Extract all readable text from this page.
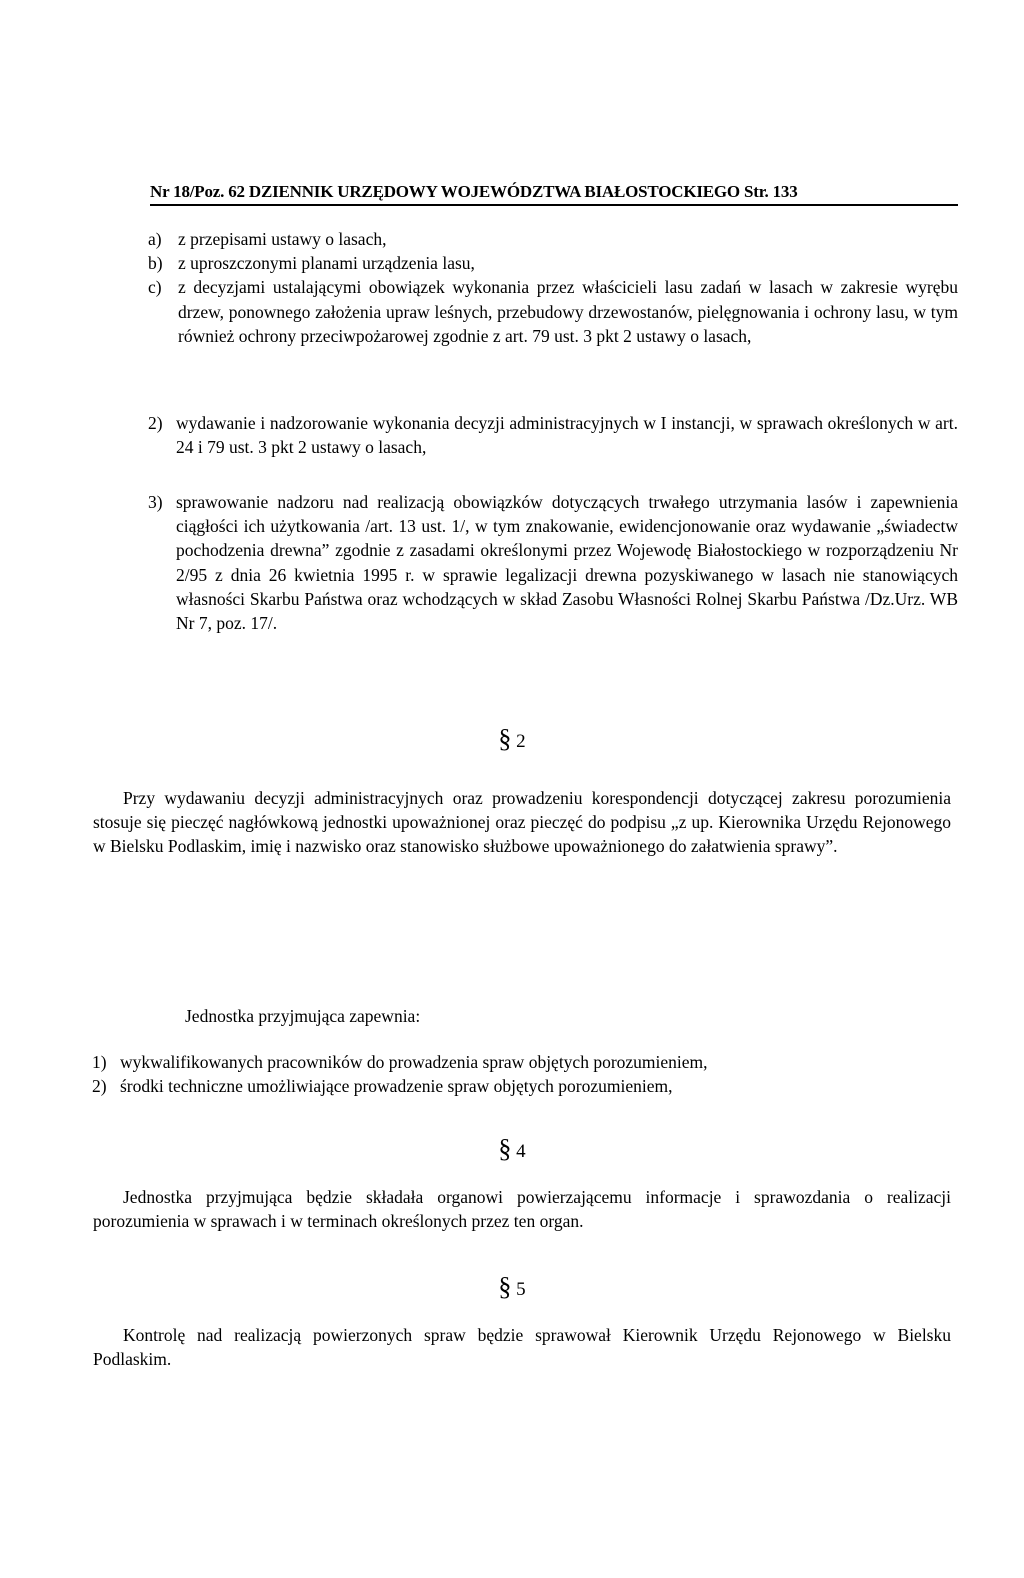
Nr 18/Poz. 62 DZIENNIK URZĘDOWY WOJEWÓDZTWA BIAŁOSTOCKIEGO Str. 133
a) z przepisami ustawy o lasach,
b) z uproszczonymi planami urządzenia lasu,
c) z decyzjami ustalającymi obowiązek wykonania przez właścicieli lasu zadań w lasach w zakresie wyrębu drzew, ponownego założenia upraw leśnych, przebudowy drzewostanów, pielęgnowania i ochrony lasu, w tym również ochrony przeciwpożarowej zgodnie z art. 79 ust. 3 pkt 2 ustawy o lasach,
2) wydawanie i nadzorowanie wykonania decyzji administracyjnych w I instancji, w sprawach określonych w art. 24 i 79 ust. 3 pkt 2 ustawy o lasach,
3) sprawowanie nadzoru nad realizacją obowiązków dotyczących trwałego utrzymania lasów i zapewnienia ciągłości ich użytkowania /art. 13 ust. 1/, w tym znakowanie, ewidencjonowanie oraz wydawanie „świadectw pochodzenia drewna” zgodnie z zasadami określonymi przez Wojewodę Białostockiego w rozporządzeniu Nr 2/95 z dnia 26 kwietnia 1995 r. w sprawie legalizacji drewna pozyskiwanego w lasach nie stanowiących własności Skarbu Państwa oraz wchodzących w skład Zasobu Własności Rolnej Skarbu Państwa /Dz.Urz. WB Nr 7, poz. 17/.
§ 2
Przy wydawaniu decyzji administracyjnych oraz prowadzeniu korespondencji dotyczącej zakresu porozumienia stosuje się pieczęć nagłówkową jednostki upoważnionej oraz pieczęć do podpisu „z up. Kierownika Urzędu Rejonowego w Bielsku Podlaskim, imię i nazwisko oraz stanowisko służbowe upoważnionego do załatwienia sprawy”.
Jednostka przyjmująca zapewnia:
1) wykwalifikowanych pracowników do prowadzenia spraw objętych porozumieniem,
2) środki techniczne umożliwiające prowadzenie spraw objętych porozumieniem,
§ 4
Jednostka przyjmująca będzie składała organowi powierzającemu informacje i sprawozdania o realizacji porozumienia w sprawach i w terminach określonych przez ten organ.
§ 5
Kontrolę nad realizacją powierzonych spraw będzie sprawował Kierownik Urzędu Rejonowego w Bielsku Podlaskim.
